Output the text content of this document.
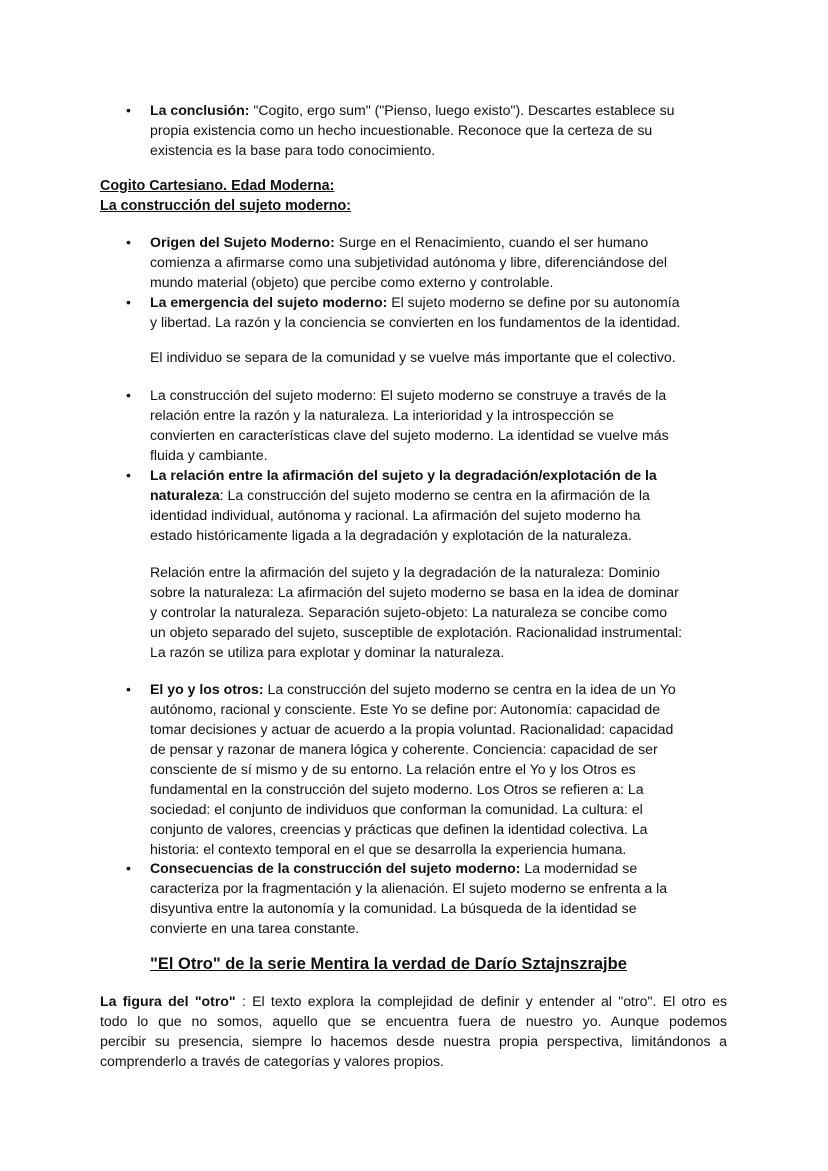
• La conclusión: "Cogito, ergo sum" ("Pienso, luego existo"). Descartes establece su
propia existencia como un hecho incuestionable. Reconoce que la certeza de su
existencia es la base para todo conocimiento.
Cogito Cartesiano. Edad Moderna:
La construcción del sujeto moderno:
• Origen del Sujeto Moderno: Surge en el Renacimiento, cuando el ser humano
comienza a afirmarse como una subjetividad autónoma y libre, diferenciándose del
mundo material (objeto) que percibe como externo y controlable.
• La emergencia del sujeto moderno: El sujeto moderno se define por su autonomía
y libertad. La razón y la conciencia se convierten en los fundamentos de la identidad.
El individuo se separa de la comunidad y se vuelve más importante que el colectivo.
• La construcción del sujeto moderno: El sujeto moderno se construye a través de la
relación entre la razón y la naturaleza. La interioridad y la introspección se
convierten en características clave del sujeto moderno. La identidad se vuelve más
fluida y cambiante.
• La relación entre la afirmación del sujeto y la degradación/explotación de la
naturaleza: La construcción del sujeto moderno se centra en la afirmación de la
identidad individual, autónoma y racional. La afirmación del sujeto moderno ha
estado históricamente ligada a la degradación y explotación de la naturaleza.
Relación entre la afirmación del sujeto y la degradación de la naturaleza: Dominio
sobre la naturaleza: La afirmación del sujeto moderno se basa en la idea de dominar
y controlar la naturaleza. Separación sujeto-objeto: La naturaleza se concibe como
un objeto separado del sujeto, susceptible de explotación. Racionalidad instrumental:
La razón se utiliza para explotar y dominar la naturaleza.
• El yo y los otros: La construcción del sujeto moderno se centra en la idea de un Yo
autónomo, racional y consciente. Este Yo se define por: Autonomía: capacidad de
tomar decisiones y actuar de acuerdo a la propia voluntad. Racionalidad: capacidad
de pensar y razonar de manera lógica y coherente. Conciencia: capacidad de ser
consciente de sí mismo y de su entorno. La relación entre el Yo y los Otros es
fundamental en la construcción del sujeto moderno. Los Otros se refieren a: La
sociedad: el conjunto de individuos que conforman la comunidad. La cultura: el
conjunto de valores, creencias y prácticas que definen la identidad colectiva. La
historia: el contexto temporal en el que se desarrolla la experiencia humana.
• Consecuencias de la construcción del sujeto moderno: La modernidad se
caracteriza por la fragmentación y la alienación. El sujeto moderno se enfrenta a la
disyuntiva entre la autonomía y la comunidad. La búsqueda de la identidad se
convierte en una tarea constante.
"El Otro" de la serie Mentira la verdad de Darío Sztajnszrajbe
La figura del "otro" : El texto explora la complejidad de definir y entender al "otro". El otro es
todo lo que no somos, aquello que se encuentra fuera de nuestro yo. Aunque podemos
percibir su presencia, siempre lo hacemos desde nuestra propia perspectiva, limitándonos a
comprenderlo a través de categorías y valores propios.
